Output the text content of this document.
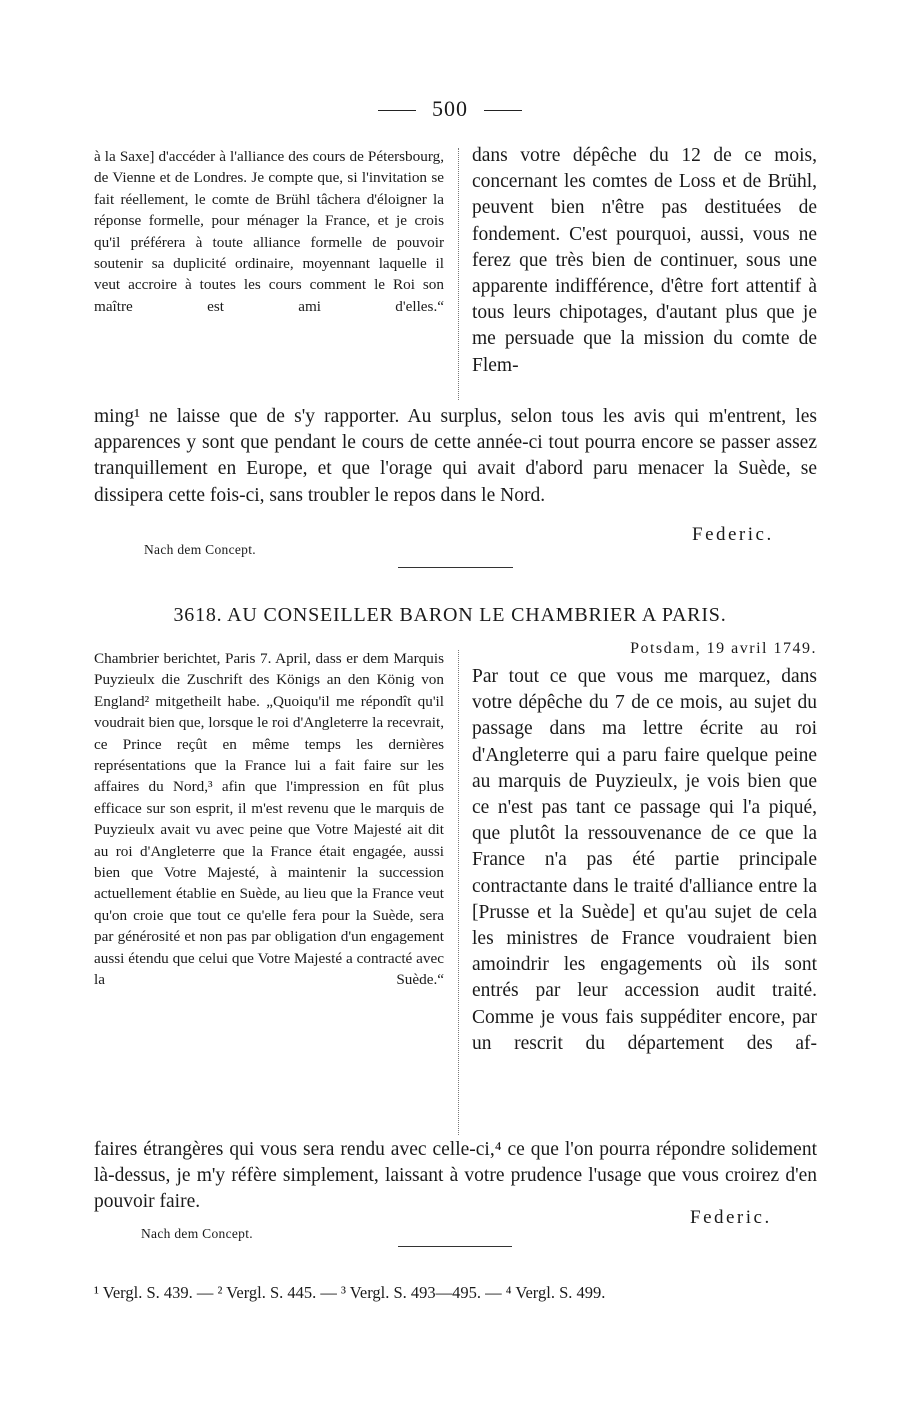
500

à la Saxe] d'accéder à l'alliance des cours de Pétersbourg, de Vienne et de Londres. Je compte que, si l'invitation se fait réellement, le comte de Brühl tâchera d'éloigner la réponse formelle, pour ménager la France, et je crois qu'il préférera à toute alliance formelle de pouvoir soutenir sa duplicité ordinaire, moyennant laquelle il veut accroire à toutes les cours comment le Roi son maître est ami d'elles.“

dans votre dépêche du 12 de ce mois, concernant les comtes de Loss et de Brühl, peuvent bien n'être pas destituées de fondement. C'est pourquoi, aussi, vous ne ferez que très bien de continuer, sous une apparente indifférence, d'être fort attentif à tous leurs chipotages, d'autant plus que je me persuade que la mission du comte de Flem-

ming¹ ne laisse que de s'y rapporter. Au surplus, selon tous les avis qui m'entrent, les apparences y sont que pendant le cours de cette année-ci tout pourra encore se passer assez tranquillement en Europe, et que l'orage qui avait d'abord paru menacer la Suède, se dissipera cette fois-ci, sans troubler le repos dans le Nord.

Federic.
Nach dem Concept.
3618. AU CONSEILLER BARON LE CHAMBRIER A PARIS.
Potsdam, 19 avril 1749.

Chambrier berichtet, Paris 7. April, dass er dem Marquis Puyzieulx die Zuschrift des Königs an den König von England² mitgetheilt habe. „Quoiqu'il me répondît qu'il voudrait bien que, lorsque le roi d'Angleterre la recevrait, ce Prince reçût en même temps les dernières représentations que la France lui a fait faire sur les affaires du Nord,³ afin que l'impression en fût plus efficace sur son esprit, il m'est revenu que le marquis de Puyzieulx avait vu avec peine que Votre Majesté ait dit au roi d'Angleterre que la France était engagée, aussi bien que Votre Majesté, à maintenir la succession actuellement établie en Suède, au lieu que la France veut qu'on croie que tout ce qu'elle fera pour la Suède, sera par générosité et non pas par obligation d'un engagement aussi étendu que celui que Votre Majesté a contracté avec la Suède.“

Par tout ce que vous me marquez, dans votre dépêche du 7 de ce mois, au sujet du passage dans ma lettre écrite au roi d'Angleterre qui a paru faire quelque peine au marquis de Puyzieulx, je vois bien que ce n'est pas tant ce passage qui l'a piqué, que plutôt la ressouvenance de ce que la France n'a pas été partie principale contractante dans le traité d'alliance entre la [Prusse et la Suède] et qu'au sujet de cela les ministres de France voudraient bien amoindrir les engagements où ils sont entrés par leur accession audit traité. Comme je vous fais suppéditer encore, par un rescrit du département des af-

faires étrangères qui vous sera rendu avec celle-ci,⁴ ce que l'on pourra répondre solidement là-dessus, je m'y réfère simplement, laissant à votre prudence l'usage que vous croirez d'en pouvoir faire.

Federic.
Nach dem Concept.

¹ Vergl. S. 439. — ² Vergl. S. 445. — ³ Vergl. S. 493—495. — ⁴ Vergl. S. 499.
